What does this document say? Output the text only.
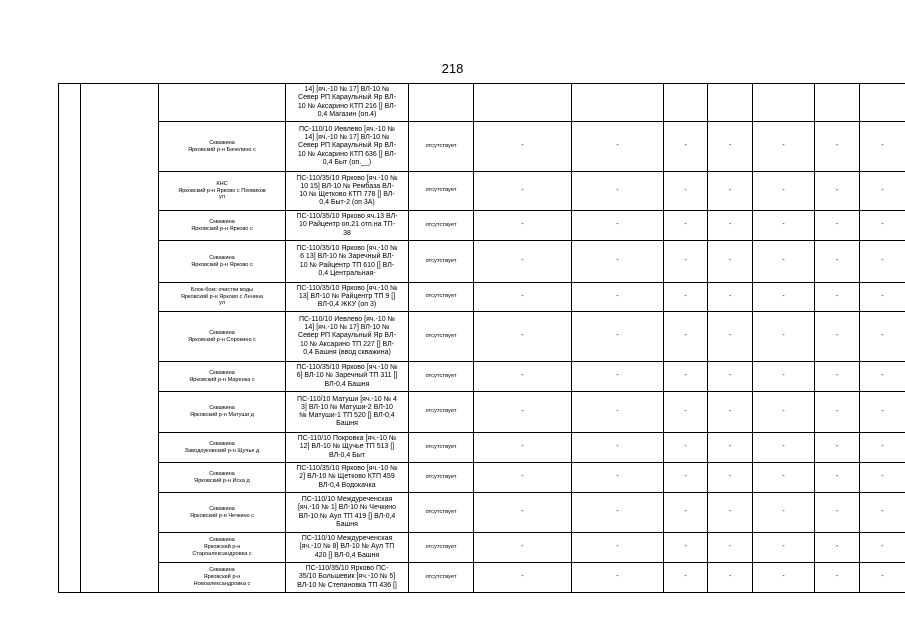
218

			14] [яч.-10 № 17] ВЛ-10 №
Север РП Караульный Яр ВЛ-
10 № Аксарино КТП 216 [] ВЛ-
0,4 Магазин (оп.4)								

		Скважина
Ярковский р-н Бачелино с	ПС-110/10 Иевлево [яч.-10 №
14] [яч.-10 № 17] ВЛ-10 №
Север РП Караульный Яр ВЛ-
10 № Аксарино КТП 636 [] ВЛ-
0,4 Быт (оп.__)	отсутствует	-	-	-	-	-	-	-

		КНС
Ярковский р-н Ярково с Пховиков
ул	ПС-110/35/10 Ярково [яч.-10 №
10 15] ВЛ-10 № Рембаза ВЛ-
10 № Щетково КТП 778 [] ВЛ-
0,4 Быт-2 (оп 3А)	отсутствует	-	-	-	-	-	-	-

		Скважина
Ярковский р-н Ярково с	ПС-110/35/10 Ярково яч.13 ВЛ-
10 Райцентр оп.21 отп.на ТП-
38	отсутствует	-	-	-	-	-	-	-

		Скважина
Ярковский р-н Ярково с	ПС-110/35/10 Ярково [яч.-10 №
6 13] ВЛ-10 № Заречный ВЛ-
10 № Райцентр ТП 610 [] ВЛ-
0,4 Центральная-	отсутствует	-	-	-	-	-	-	-

		Блок-бокс очистки воды
Ярковский р-н Ярково с Ленина
ул	ПС-110/35/10 Ярково [яч.-10 №
13] ВЛ-10 № Райцентр ТП 9 []
ВЛ-0,4 ЖКУ (оп 3)	отсутствует	-	-	-	-	-	-	-

		Скважина
Ярковский р-н Сорокино с	ПС-110/10 Иевлево [яч.-10 №
14] [яч.-10 № 17] ВЛ-10 №
Север РП Караульный Яр ВЛ-
10 № Аксарино ТП 227 [] ВЛ-
0,4 Башня (ввод скважина)	отсутствует	-	-	-	-	-	-	-

		Скважина
Ярковский р-н Маренка с	ПС-110/35/10 Ярково [яч.-10 №
6] ВЛ-10 № Заречный ТП 311 []
ВЛ-0,4 Башня	отсутствует	-	-	-	-	-	-	-

		Скважина
Ярковский р-н Матуши д	ПС-110/10 Матуши [яч.-10 № 4
3] ВЛ-10 № Матуши-2 ВЛ-10
№ Матуши-1 ТП 520 [] ВЛ-0,4
Башня	отсутствует	-	-	-	-	-	-	-

		Скважина
Заводоуковский р-н Щучье д	ПС-110/10 Покровка [яч.-10 №
12] ВЛ-10 № Щучье ТП 513 []
ВЛ-0,4 Быт	отсутствует	-	-	-	-	-	-	-

		Скважина
Ярковский р-н Иска д	ПС-110/35/10 Ярково [яч.-10 №
2] ВЛ-10 № Щетково КТП 459
ВЛ-0,4 Водокачка	отсутствует	-	-	-	-	-	-	-

		Скважина
Ярковский р-н Чечкино с	ПС-110/10 Междуреченская
[яч.-10 № 1] ВЛ-10 № Чечкино
ВЛ-10 № Аул ТП 419 [] ВЛ-0,4
Башня	отсутствует	-	-	-	-	-	-	-

		Скважина
Ярковский р-н
Староалександровка с	ПС-110/10 Междуреченская
[яч.-10 № 8] ВЛ-10 № Аул ТП
420 [] ВЛ-0,4 Башня	отсутствует	-	-	-	-	-	-	-

		Скважина
Ярковский р-н
Новоалександровка с	ПС-110/35/10 Ярково ПС-
35/10 Большевик [яч.-10 № 5]
ВЛ-10 № Степановка ТП 436 []	отсутствует	-	-	-	-	-	-	-
